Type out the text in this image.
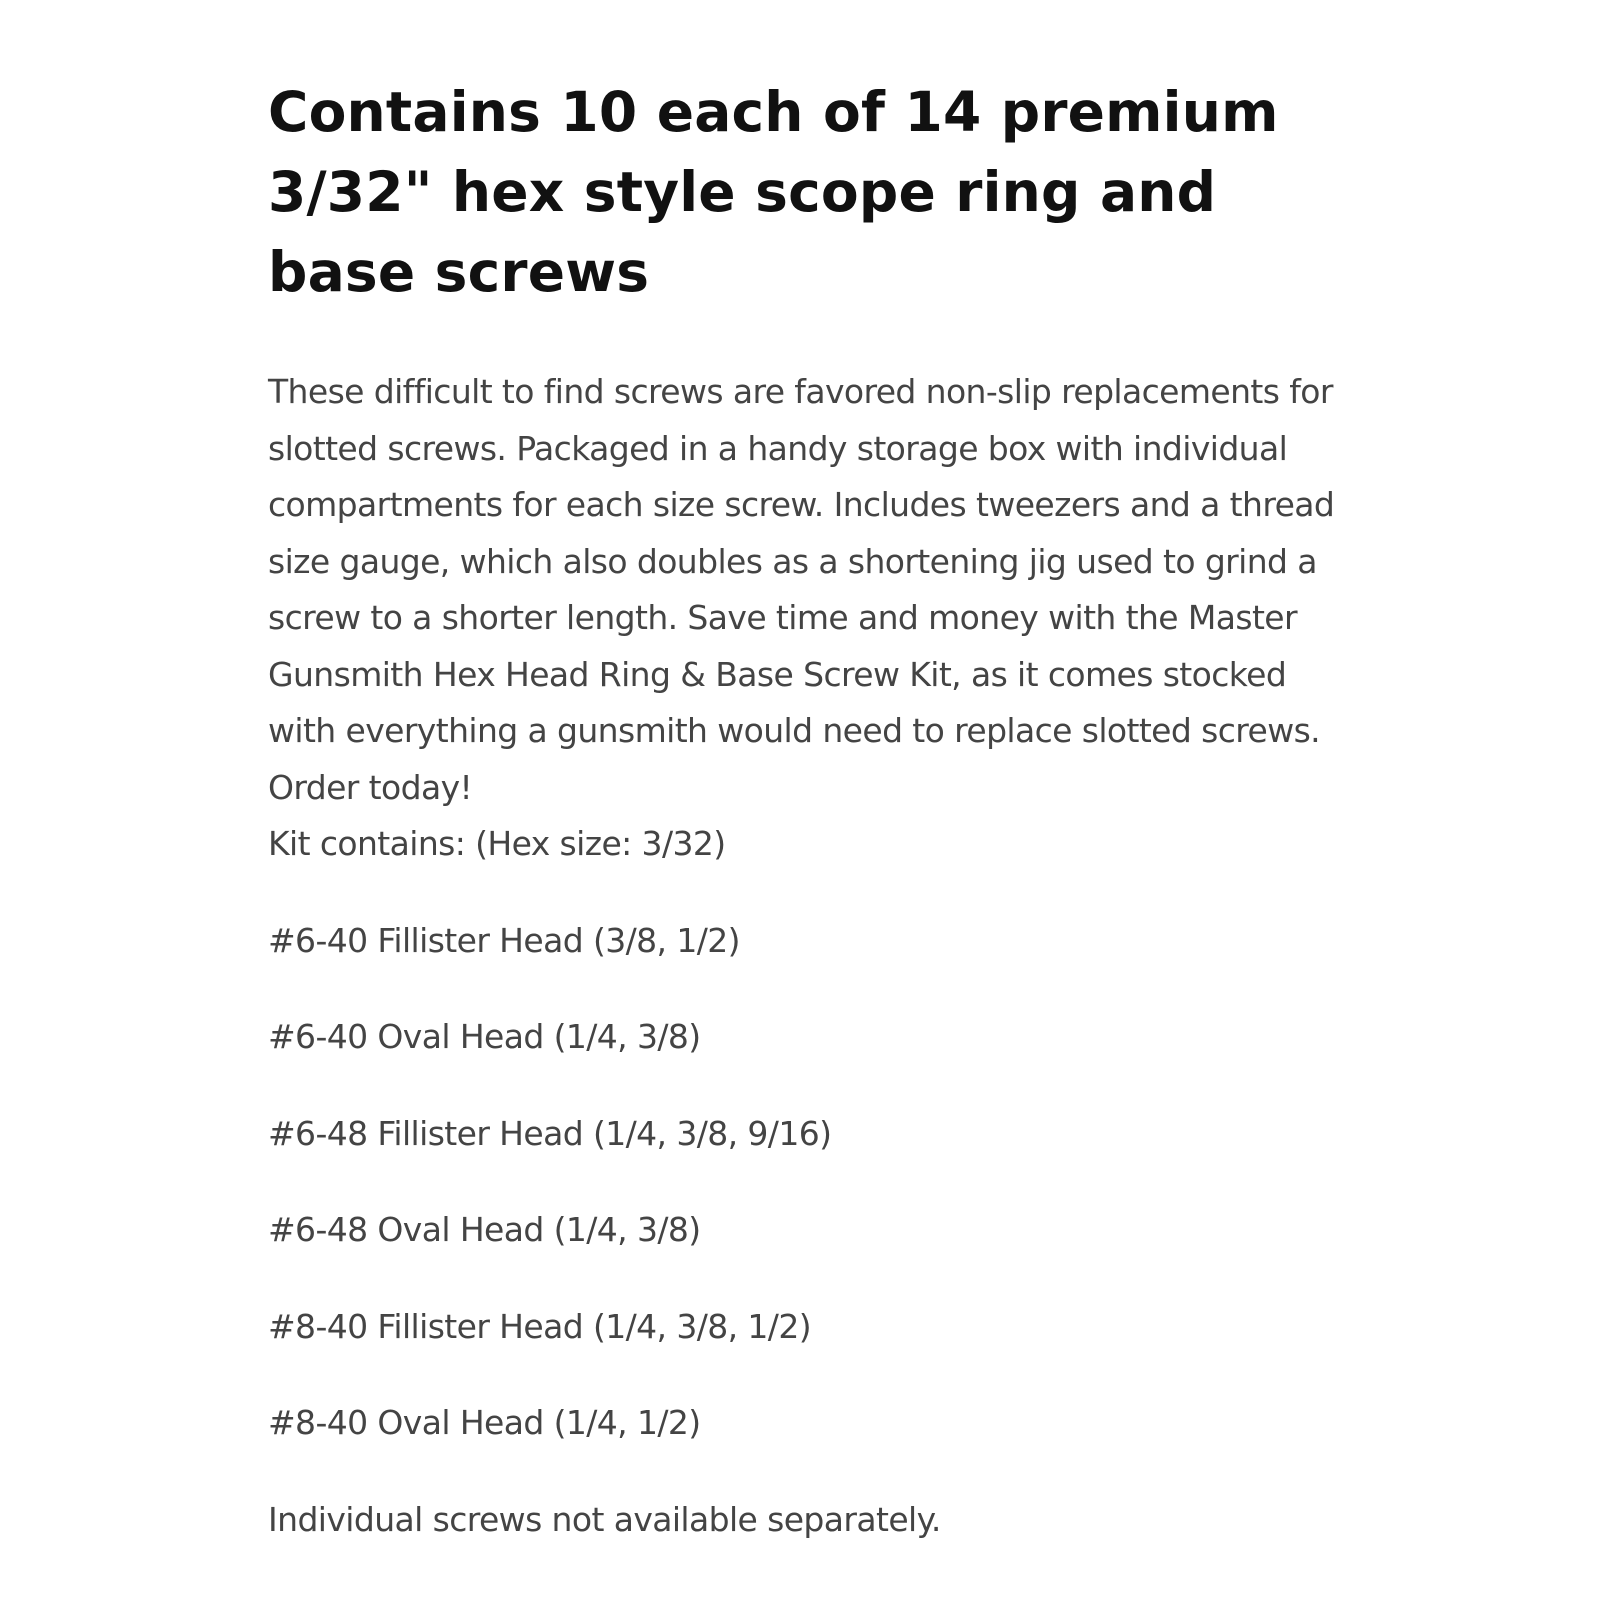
Contains 10 each of 14 premium 3/32" hex style scope ring and base screws

These difficult to find screws are favored non-slip replacements for slotted screws. Packaged in a handy storage box with individual compartments for each size screw. Includes tweezers and a thread size gauge, which also doubles as a shortening jig used to grind a screw to a shorter length. Save time and money with the Master Gunsmith Hex Head Ring & Base Screw Kit, as it comes stocked with everything a gunsmith would need to replace slotted screws. Order today!

Kit contains: (Hex size: 3/32)

#6-40 Fillister Head (3/8, 1/2)
#6-40 Oval Head (1/4, 3/8)
#6-48 Fillister Head (1/4, 3/8, 9/16)
#6-48 Oval Head (1/4, 3/8)
#8-40 Fillister Head (1/4, 3/8, 1/2)
#8-40 Oval Head (1/4, 1/2)

Individual screws not available separately.
